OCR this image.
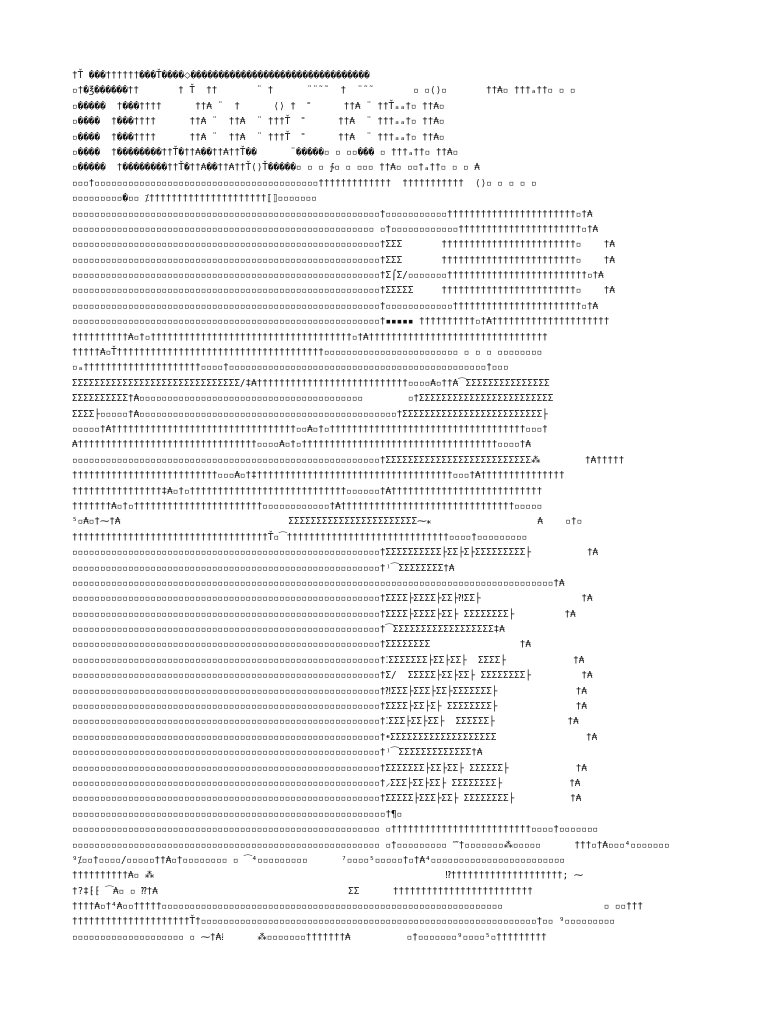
†Ť ���††††††���Ť����⬦��������������������������������
▫†�℥������††       † Ť  ††       ¨ †      ¨¨˜˜  †  ¨˜˜       ▫ ▫⟨⟩▫       ††₳▫ †††ₐ††▫ ▫ ▫
▫�����  †���††††      ††₳ ¨  †      ⟨⟩ †  ˭      ††₳ ¨ ††Ťₐₐ†▫ ††₳▫
▫����  †���††††      ††₳ ¨  ††₳  ¨ †††Ť  ˭      ††₳  ¨ †††ₐₐ†▫ ††₳▫
▫����  †���††††      ††₳ ¨  ††₳  ¨ †††Ť  ˭      ††₳  ¨ †††ₐₐ†▫ ††₳▫
▫����  †��������††Ť�††₳��††₳††Ť��      ¨�����▫ ▫ ▫▫��� ▫ †††ₐ††▫ ††₳▫
▫�����  †��������††Ť�††₳��††₳††Ť⟨⟩Ť�����▫ ▫ ▫ ∱▫ ▫ ▫▫▫ ††₳▫ ▫▫†ₐ††▫ ▫ ▫ ₳
▫▫▫†▫▫▫▫▫▫▫▫▫▫▫▫▫▫▫▫▫▫▫▫▫▫▫▫▫▫▫▫▫▫▫▫▫▫▫▫▫▫▫▫†††††††††††††  †††††††††††  ⟨⟩▫ ▫ ▫ ▫ ▫
▫▫▫▫▫▫▫▫▫�▫▫ ⁒†††††††††††††††††††††⟦⟧▫▫▫▫▫▫▫
▫▫▫▫▫▫▫▫▫▫▫▫▫▫▫▫▫▫▫▫▫▫▫▫▫▫▫▫▫▫▫▫▫▫▫▫▫▫▫▫▫▫▫▫▫▫▫▫▫▫▫▫▫▫▫†▫▫▫▫▫▫▫▫▫▫▫†††††††††††††††††††††††▫†₳
▫▫▫▫▫▫▫▫▫▫▫▫▫▫▫▫▫▫▫▫▫▫▫▫▫▫▫▫▫▫▫▫▫▫▫▫▫▫▫▫▫▫▫▫▫▫▫▫▫▫▫▫▫▫ ▫†▫▫▫▫▫▫▫▫▫▫▫▫††††††††††††††††††††††▫†₳
▫▫▫▫▫▫▫▫▫▫▫▫▫▫▫▫▫▫▫▫▫▫▫▫▫▫▫▫▫▫▫▫▫▫▫▫▫▫▫▫▫▫▫▫▫▫▫▫▫▫▫▫▫▫▫†ƩƩƩ       ††††††††††††††††††††††††▫    †₳
▫▫▫▫▫▫▫▫▫▫▫▫▫▫▫▫▫▫▫▫▫▫▫▫▫▫▫▫▫▫▫▫▫▫▫▫▫▫▫▫▫▫▫▫▫▫▫▫▫▫▫▫▫▫▫†ƩƩƩ       ††††††††††††††††††††††††▫    †₳
▫▫▫▫▫▫▫▫▫▫▫▫▫▫▫▫▫▫▫▫▫▫▫▫▫▫▫▫▫▫▫▫▫▫▫▫▫▫▫▫▫▫▫▫▫▫▫▫▫▫▫▫▫▫▫†Ʃ⌠Ʃ/▫▫▫▫▫▫▫†††††††††††††††††††††††††▫†₳
▫▫▫▫▫▫▫▫▫▫▫▫▫▫▫▫▫▫▫▫▫▫▫▫▫▫▫▫▫▫▫▫▫▫▫▫▫▫▫▫▫▫▫▫▫▫▫▫▫▫▫▫▫▫▫†ƩƩƩƩƩ     ††††††††††††††††††††††††▫    †₳
▫▫▫▫▫▫▫▫▫▫▫▫▫▫▫▫▫▫▫▫▫▫▫▫▫▫▫▫▫▫▫▫▫▫▫▫▫▫▫▫▫▫▫▫▫▫▫▫▫▫▫▫▫▫▫†▫▫▫▫▫▫▫▫▫▫▫▫†††††††††††††††††††††††▫†₳
▫▫▫▫▫▫▫▫▫▫▫▫▫▫▫▫▫▫▫▫▫▫▫▫▫▫▫▫▫▫▫▫▫▫▫▫▫▫▫▫▫▫▫▫▫▫▫▫▫▫▫▫▫▫▫†▪▪▪▪▪ ††††††††††▫†₳†††††††††††††††††††††
††††††††††₳▫†▫††††††††††††††††††††††††††††††††††††▫†₳††††††††††††††††††††††††††††††††
†††††₳▫Ť†††††††††††††††††††††††††††††††††††††▫▫▫▫▫▫▫▫▫▫▫▫▫▫▫▫▫▫▫▫▫▫▫▫ ▫ ▫ ▫ ▫▫▫▫▫▫▫▫
▫ₐ†††††††††††††††††††††▫▫▫▫†▫▫▫▫▫▫▫▫▫▫▫▫▫▫▫▫▫▫▫▫▫▫▫▫▫▫▫▫▫▫▫▫▫▫▫▫▫▫▫▫▫▫▫▫▫▫†▫▫▫
ƩƩƩƩƩƩƩƩƩƩƩƩƩƩƩƩƩƩƩƩƩƩƩƩƩƩƩƩƩƩ/‡₳†††††††††††††††††††††††††††▫▫▫▫₳▫††₳⁀ƩƩƩƩƩƩƩƩƩƩƩƩƩƩƩ
ƩƩƩƩƩƩƩƩƩƩ†₳▫▫▫▫▫▫▫▫▫▫▫▫▫▫▫▫▫▫▫▫▫▫▫▫▫▫▫▫▫▫▫▫▫▫▫▫▫▫▫▫        ▫†ƩƩƩƩƩƩƩƩƩƩƩƩƩƩƩƩƩƩƩƩƩƩƩƩ
ƩƩƩƩ├▫▫▫▫▫†₳▫▫▫▫▫▫▫▫▫▫▫▫▫▫▫▫▫▫▫▫▫▫▫▫▫▫▫▫▫▫▫▫▫▫▫▫▫▫▫▫▫▫▫▫▫▫†ƩƩƩƩƩƩƩƩƩƩƩƩƩƩƩƩƩƩƩƩƩƩƩƩƩ├
▫▫▫▫▫†₳†††††††††††††††††††††††††††††††††▫▫₳▫†▫†††††††††††††††††††††††††††††††††††▫▫▫†
₳††††††††††††††††††††††††††††††††▫▫▫▫₳▫†▫†††††††††††††††††††††††††††††††††††▫▫▫▫†₳
▫▫▫▫▫▫▫▫▫▫▫▫▫▫▫▫▫▫▫▫▫▫▫▫▫▫▫▫▫▫▫▫▫▫▫▫▫▫▫▫▫▫▫▫▫▫▫▫▫▫▫▫▫▫▫†ƩƩƩƩƩƩƩƩƩƩƩƩƩƩƩƩƩƩƩƩƩƩƩƩƩƩ⁂        †₳†††††
††††††††††††††††††††††††††▫▫▫₳▫†‡†††††††††††††††††††††††††††††††††††▫▫▫†₳†††††††††††††††
††††††††††††††††‡₳▫†▫††††††††††††††††††††††††††††▫▫▫▫▫▫†₳†††††††††††††††††††††††††††
†††††††₳▫†▫†††††††††††††††††††††††▫▫▫▫▫▫▫▫▫▫▫▫†₳†††††††††††††††††††††††††††††††▫▫▫▫▫
⁵▫₳▫†⁓†₳                              ƩƩƩƩƩƩƩƩƩƩƩƩƩƩƩƩƩƩƩƩƩƩƩ⁓⁎                   ₳    ▫†▫
†††††††††††††††††††††††††††††††††††Ť▫⁀†††††††††††††††††††††††††††††▫▫▫▫†▫▫▫▫▫▫▫▫▫
▫▫▫▫▫▫▫▫▫▫▫▫▫▫▫▫▫▫▫▫▫▫▫▫▫▫▫▫▫▫▫▫▫▫▫▫▫▫▫▫▫▫▫▫▫▫▫▫▫▫▫▫▫▫▫†ƩƩƩƩƩƩƩƩƩƩ├ƩƩ├Ʃ├ƩƩƩƩƩƩƩƩƩ├          †₳
▫▫▫▫▫▫▫▫▫▫▫▫▫▫▫▫▫▫▫▫▫▫▫▫▫▫▫▫▫▫▫▫▫▫▫▫▫▫▫▫▫▫▫▫▫▫▫▫▫▫▫▫▫▫▫†⁾⁀ƩƩƩƩƩƩƩƩ†₳
▫▫▫▫▫▫▫▫▫▫▫▫▫▫▫▫▫▫▫▫▫▫▫▫▫▫▫▫▫▫▫▫▫▫▫▫▫▫▫▫▫▫▫▫▫▫▫▫▫▫▫▫▫▫▫▫▫▫▫▫▫▫▫▫▫▫▫▫▫▫▫▫▫▫▫▫▫▫▫▫▫▫▫▫▫▫†₳
▫▫▫▫▫▫▫▫▫▫▫▫▫▫▫▫▫▫▫▫▫▫▫▫▫▫▫▫▫▫▫▫▫▫▫▫▫▫▫▫▫▫▫▫▫▫▫▫▫▫▫▫▫▫▫†ƩƩƩƩ├ƩƩƩƩ├ƩƩ├⁈ƩƩ├                  †₳
▫▫▫▫▫▫▫▫▫▫▫▫▫▫▫▫▫▫▫▫▫▫▫▫▫▫▫▫▫▫▫▫▫▫▫▫▫▫▫▫▫▫▫▫▫▫▫▫▫▫▫▫▫▫▫†ƩƩƩƩ├ƩƩƩƩ├ƩƩ├ ƩƩƩƩƩƩƩƩ├         †₳
▫▫▫▫▫▫▫▫▫▫▫▫▫▫▫▫▫▫▫▫▫▫▫▫▫▫▫▫▫▫▫▫▫▫▫▫▫▫▫▫▫▫▫▫▫▫▫▫▫▫▫▫▫▫▫†⁀ƩƩƩƩƩƩƩƩƩƩƩƩƩƩƩƩƩƩ‡₳
▫▫▫▫▫▫▫▫▫▫▫▫▫▫▫▫▫▫▫▫▫▫▫▫▫▫▫▫▫▫▫▫▫▫▫▫▫▫▫▫▫▫▫▫▫▫▫▫▫▫▫▫▫▫▫†ƩƩƩƩƩƩƩƩ                †₳
▫▫▫▫▫▫▫▫▫▫▫▫▫▫▫▫▫▫▫▫▫▫▫▫▫▫▫▫▫▫▫▫▫▫▫▫▫▫▫▫▫▫▫▫▫▫▫▫▫▫▫▫▫▫▫†⁚ƩƩƩƩƩƩƩ├ƩƩ├ƩƩ├  ƩƩƩƩ├            †₳
▫▫▫▫▫▫▫▫▫▫▫▫▫▫▫▫▫▫▫▫▫▫▫▫▫▫▫▫▫▫▫▫▫▫▫▫▫▫▫▫▫▫▫▫▫▫▫▫▫▫▫▫▫▫▫†Ʃ/  ƩƩƩƩƩ├ƩƩ├ƩƩ├ ƩƩƩƩƩƩƩƩ├         †₳
▫▫▫▫▫▫▫▫▫▫▫▫▫▫▫▫▫▫▫▫▫▫▫▫▫▫▫▫▫▫▫▫▫▫▫▫▫▫▫▫▫▫▫▫▫▫▫▫▫▫▫▫▫▫▫†⁈ƩƩƩ├ƩƩƩ├ƩƩ├ƩƩƩƩƩƩƩ├              †₳
▫▫▫▫▫▫▫▫▫▫▫▫▫▫▫▫▫▫▫▫▫▫▫▫▫▫▫▫▫▫▫▫▫▫▫▫▫▫▫▫▫▫▫▫▫▫▫▫▫▫▫▫▫▫▫†ƩƩƩƩ├ƩƩ├Ʃ├ ƩƩƩƩƩƩƩƩ├              †₳
▫▫▫▫▫▫▫▫▫▫▫▫▫▫▫▫▫▫▫▫▫▫▫▫▫▫▫▫▫▫▫▫▫▫▫▫▫▫▫▫▫▫▫▫▫▫▫▫▫▫▫▫▫▫▫†⁚ƩƩƩ├ƩƩ├ƩƩ├  ƩƩƩƩƩƩ├             †₳
▫▫▫▫▫▫▫▫▫▫▫▫▫▫▫▫▫▫▫▫▫▫▫▫▫▫▫▫▫▫▫▫▫▫▫▫▫▫▫▫▫▫▫▫▫▫▫▫▫▫▫▫▫▫▫†⁌ƩƩƩƩƩƩƩƩƩƩƩƩƩƩƩƩƩƩƩ                †₳
▫▫▫▫▫▫▫▫▫▫▫▫▫▫▫▫▫▫▫▫▫▫▫▫▫▫▫▫▫▫▫▫▫▫▫▫▫▫▫▫▫▫▫▫▫▫▫▫▫▫▫▫▫▫▫†⁾⁀ƩƩƩƩƩƩƩƩƩƩƩƩƩ†₳
▫▫▫▫▫▫▫▫▫▫▫▫▫▫▫▫▫▫▫▫▫▫▫▫▫▫▫▫▫▫▫▫▫▫▫▫▫▫▫▫▫▫▫▫▫▫▫▫▫▫▫▫▫▫▫†ƩƩƩƩƩƩƩ├ƩƩ├ƩƩ├ ƩƩƩƩƩƩ├            †₳
▫▫▫▫▫▫▫▫▫▫▫▫▫▫▫▫▫▫▫▫▫▫▫▫▫▫▫▫▫▫▫▫▫▫▫▫▫▫▫▫▫▫▫▫▫▫▫▫▫▫▫▫▫▫▫†⸝ƩƩƩ├ƩƩ├ƩƩ├ ƩƩƩƩƩƩƩƩ├            †₳
▫▫▫▫▫▫▫▫▫▫▫▫▫▫▫▫▫▫▫▫▫▫▫▫▫▫▫▫▫▫▫▫▫▫▫▫▫▫▫▫▫▫▫▫▫▫▫▫▫▫▫▫▫▫▫†ƩƩƩƩƩ├ƩƩƩ├ƩƩ├ ƩƩƩƩƩƩƩƩ├          †₳
▫▫▫▫▫▫▫▫▫▫▫▫▫▫▫▫▫▫▫▫▫▫▫▫▫▫▫▫▫▫▫▫▫▫▫▫▫▫▫▫▫▫▫▫▫▫▫▫▫▫▫▫▫▫▫▫†¶▫
▫▫▫▫▫▫▫▫▫▫▫▫▫▫▫▫▫▫▫▫▫▫▫▫▫▫▫▫▫▫▫▫▫▫▫▫▫▫▫▫▫▫▫▫▫▫▫▫▫▫▫▫▫▫▫ ▫†††††††††††††††††††††††††▫▫▫▫†▫▫▫▫▫▫▫
▫▫▫▫▫▫▫▫▫▫▫▫▫▫▫▫▫▫▫▫▫▫▫▫▫▫▫▫▫▫▫▫▫▫▫▫▫▫▫▫▫▫▫▫▫▫▫▫▫▫▫▫▫▫▫ ▫†▫▫▫▫▫▫▫▫▫ ⁗†▫▫▫▫▫▫▫⁂▫▫▫▫▫      †††▫†₳▫▫▫⁴▫▫▫▫▫▫▫
⁹⁒▫▫†▫▫▫▫/▫▫▫▫▫††₳▫†▫▫▫▫▫▫▫▫ ▫ ⁀⁴▫▫▫▫▫▫▫▫▫      ⁷▫▫▫▫⁵▫▫▫▫▫†▫†₳⁴▫▫▫▫▫▫▫▫▫▫▫▫▫▫▫▫▫▫▫▫▫▫▫▫
††††††††††₳▫ ⁂                                                    ⁉††††††††††††††††††††; ⁓
†?‡⁅⁅ ⁀₳▫ ▫ ⁇†₳                                  ƩƩ      †††††††††††††††††††††††††
††††₳▫†⁴₳▫▫†††††▫▫▫▫▫▫▫▫▫▫▫▫▫▫▫▫▫▫▫▫▫▫▫▫▫▫▫▫▫▫▫▫▫▫▫▫▫▫▫▫▫▫▫▫▫▫▫▫▫▫▫▫▫▫▫▫▫▫▫▫▫                  ▫ ▫▫†††
†††††††††††††††††††††Ť†▫▫▫▫▫▫▫▫▫▫▫▫▫▫▫▫▫▫▫▫▫▫▫▫▫▫▫▫▫▫▫▫▫▫▫▫▫▫▫▫▫▫▫▫▫▫▫▫▫▫▫▫▫▫▫▫▫▫▫▫†▫▫ ⁹▫▫▫▫▫▫▫▫▫
▫▫▫▫▫▫▫▫▫▫▫▫▫▫▫▫▫▫▫▫ ▫ ⁓†₳⁞      ⁂▫▫▫▫▫▫▫†††††††₳          ▫†▫▫▫▫▫▫▫⁹▫▫▫▫⁵▫†††††††††
